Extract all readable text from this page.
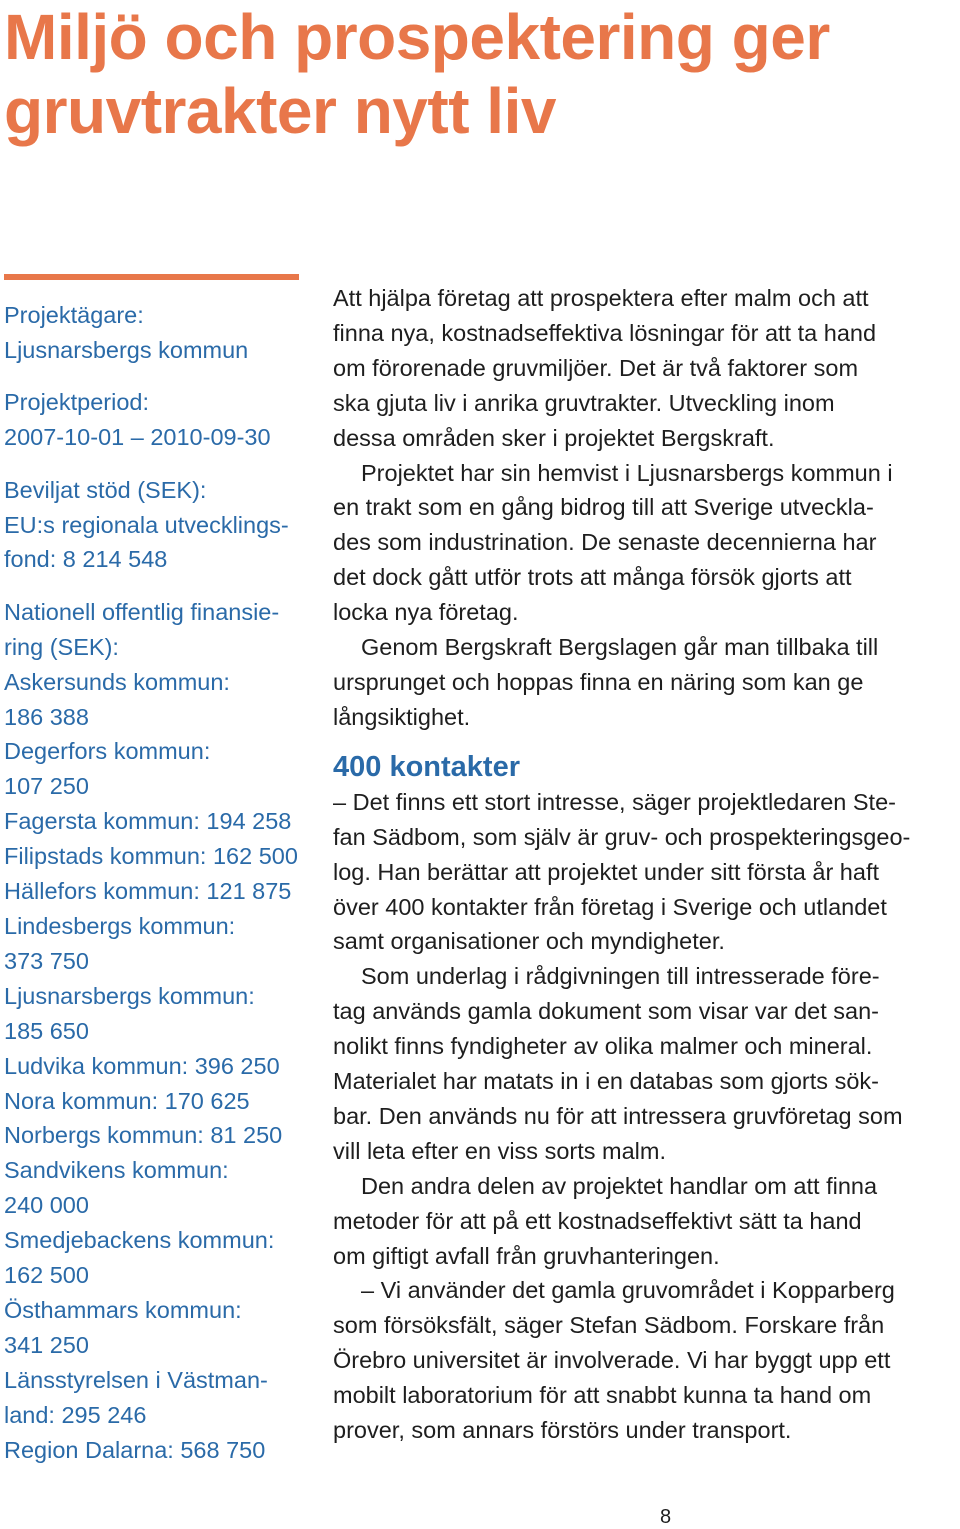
Miljö och prospektering ger
gruvtrakter nytt liv
Projektägare:
Ljusnarsbergs kommun
Projektperiod:
2007-10-01 – 2010-09-30
Beviljat stöd (SEK):
EU:s regionala utvecklings-
fond: 8 214 548
Nationell offentlig finansie-
ring (SEK):
Askersunds kommun:
186 388
Degerfors kommun:
107 250
Fagersta kommun: 194 258
Filipstads kommun: 162 500
Hällefors kommun: 121 875
Lindesbergs kommun:
373 750
Ljusnarsbergs kommun:
185 650
Ludvika kommun: 396 250
Nora kommun: 170 625
Norbergs kommun: 81 250
Sandvikens kommun:
240 000
Smedjebackens kommun:
162 500
Östhammars kommun:
341 250
Länsstyrelsen i Västman-
land: 295 246
Region Dalarna: 568 750

Att hjälpa företag att prospektera efter malm och att
finna nya, kostnadseffektiva lösningar för att ta hand
om förorenade gruvmiljöer. Det är två faktorer som
ska gjuta liv i anrika gruvtrakter. Utveckling inom
dessa områden sker i projektet Bergskraft.

Projektet har sin hemvist i Ljusnarsbergs kommun i
en trakt som en gång bidrog till att Sverige utveckla-
des som industrination. De senaste decennierna har
det dock gått utför trots att många försök gjorts att
locka nya företag.

Genom Bergskraft Bergslagen går man tillbaka till
ursprunget och hoppas finna en näring som kan ge
långsiktighet.

400 kontakter

– Det finns ett stort intresse, säger projektledaren Ste-
fan Sädbom, som själv är gruv- och prospekteringsgeo-
log. Han berättar att projektet under sitt första år haft
över 400 kontakter från företag i Sverige och utlandet
samt organisationer och myndigheter.

Som underlag i rådgivningen till intresserade före-
tag används gamla dokument som visar var det san-
nolikt finns fyndigheter av olika malmer och mineral.
Materialet har matats in i en databas som gjorts sök-
bar. Den används nu för att intressera gruvföretag som
vill leta efter en viss sorts malm.

Den andra delen av projektet handlar om att finna
metoder för att på ett kostnadseffektivt sätt ta hand
om giftigt avfall från gruvhanteringen.

– Vi använder det gamla gruvområdet i Kopparberg
som försöksfält, säger Stefan Sädbom. Forskare från
Örebro universitet är involverade. Vi har byggt upp ett
mobilt laboratorium för att snabbt kunna ta hand om
prover, som annars förstörs under transport.

8
